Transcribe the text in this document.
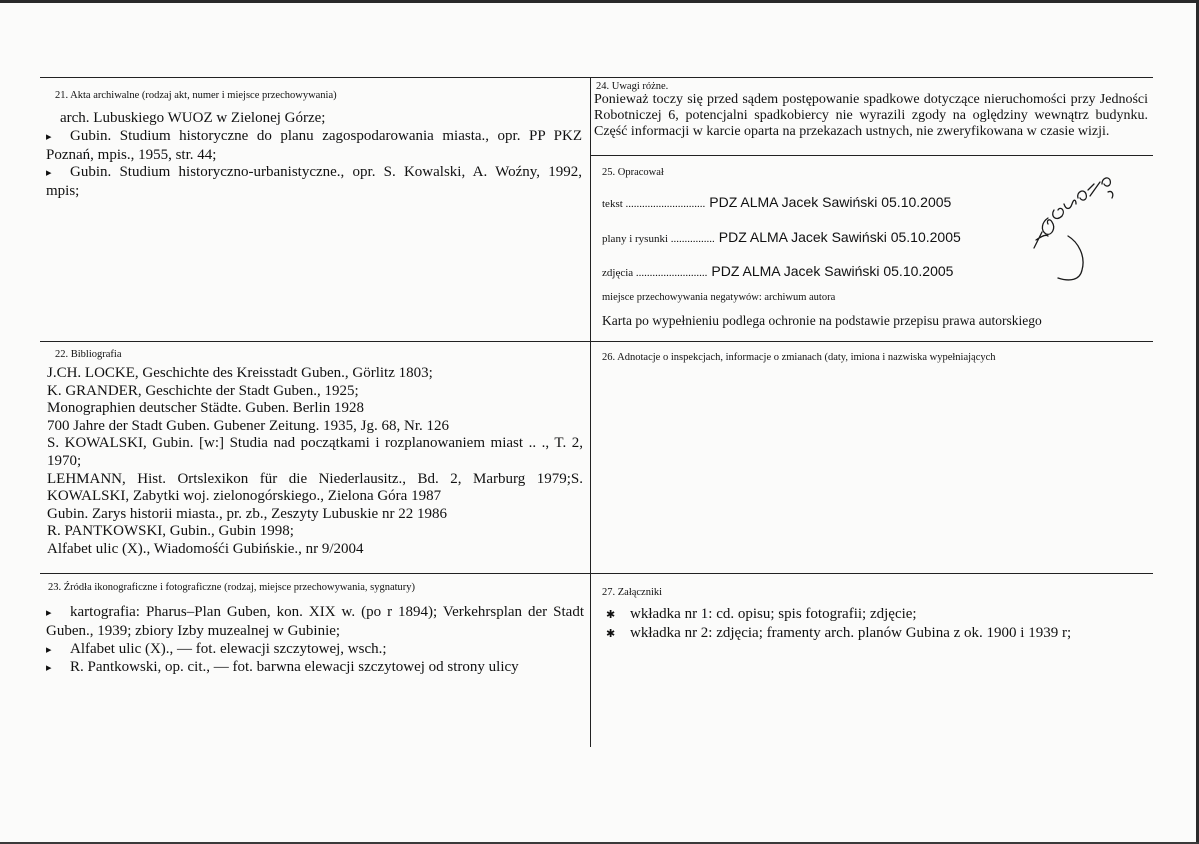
21. Akta archiwalne (rodzaj akt, numer i miejsce przechowywania)
arch. Lubuskiego WUOZ w Zielonej Górze;
▸ Gubin. Studium historyczne do planu zagospodarowania miasta., opr. PP PKZ Poznań, mpis., 1955, str. 44;
▸ Gubin. Studium historyczno-urbanistyczne., opr. S. Kowalski, A. Woźny, 1992, mpis;
22. Bibliografia
J.CH. LOCKE, Geschichte des Kreisstadt Guben., Görlitz 1803;
K. GRANDER, Geschichte der Stadt Guben., 1925;
Monographien deutscher Städte. Guben. Berlin 1928
700 Jahre der Stadt Guben. Gubener Zeitung. 1935, Jg. 68, Nr. 126
S. KOWALSKI, Gubin. [w:] Studia nad początkami i rozplanowaniem miast .. ., T. 2, 1970;
LEHMANN, Hist. Ortslexikon für die Niederlausitz., Bd. 2, Marburg 1979;S. KOWALSKI, Zabytki woj. zielonogórskiego., Zielona Góra 1987
Gubin. Zarys historii miasta., pr. zb., Zeszyty Lubuskie nr 22 1986
R. PANTKOWSKI, Gubin., Gubin 1998;
Alfabet ulic (X)., Wiadomośći Gubińskie., nr 9/2004
23. Źródła ikonograficzne i fotograficzne (rodzaj, miejsce przechowywania, sygnatury)
▸ kartografia: Pharus–Plan Guben, kon. XIX w. (po r 1894); Verkehrsplan der Stadt Guben., 1939; zbiory Izby muzealnej w Gubinie;
▸ Alfabet ulic (X)., — fot. elewacji szczytowej, wsch.;
▸ R. Pantkowski, op. cit., — fot. barwna elewacji szczytowej od strony ulicy
24. Uwagi różne.
Ponieważ toczy się przed sądem postępowanie spadkowe dotyczące nieruchomości przy Jedności Robotniczej 6, potencjalni spadkobiercy nie wyrazili zgody na oględziny wewnątrz budynku. Część informacji w karcie oparta na przekazach ustnych, nie zweryfikowana w czasie wizji.
25. Opracował
tekst ............................. PDZ ALMA Jacek Sawiński 05.10.2005
plany i rysunki ................ PDZ ALMA Jacek Sawiński 05.10.2005
zdjęcia .......................... PDZ ALMA Jacek Sawiński 05.10.2005
miejsce przechowywania negatywów: archiwum autora
Karta po wypełnieniu podlega ochronie na podstawie przepisu prawa autorskiego
26. Adnotacje o inspekcjach, informacje o zmianach (daty, imiona i nazwiska wypełniających
27. Załączniki
✱ wkładka nr 1: cd. opisu; spis fotografii; zdjęcie;
✱ wkładka nr 2: zdjęcia; framenty arch. planów Gubina z ok. 1900 i 1939 r;
